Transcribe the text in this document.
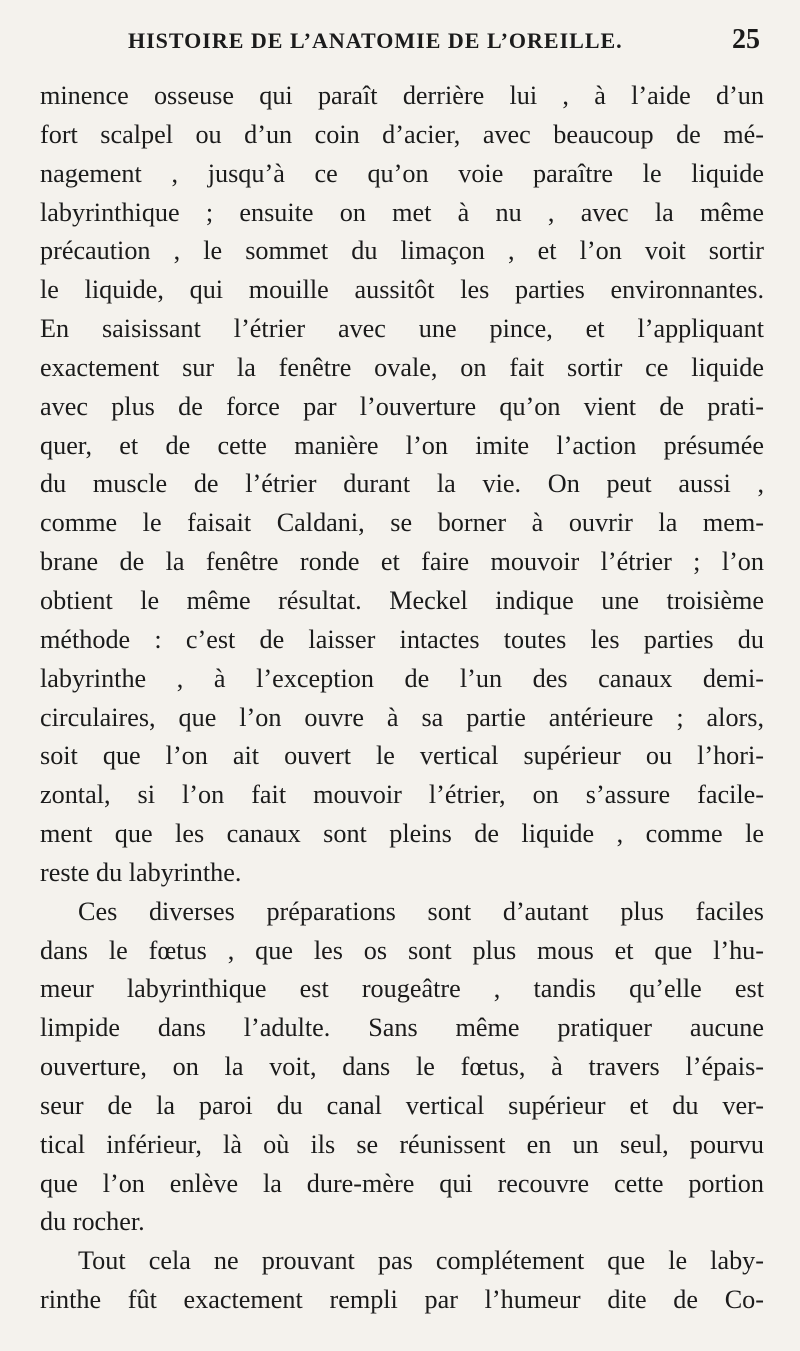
HISTOIRE DE L’ANATOMIE DE L’OREILLE.	25
minence osseuse qui paraît derrière lui , à l’aide d’un
fort scalpel ou d’un coin d’acier, avec beaucoup de mé-
nagement , jusqu’à ce qu’on voie paraître le liquide
labyrinthique ; ensuite on met à nu , avec la même
précaution , le sommet du limaçon , et l’on voit sortir
le liquide, qui mouille aussitôt les parties environnantes.
En saisissant l’étrier avec une pince, et l’appliquant
exactement sur la fenêtre ovale, on fait sortir ce liquide
avec plus de force par l’ouverture qu’on vient de prati-
quer, et de cette manière l’on imite l’action présumée
du muscle de l’étrier durant la vie. On peut aussi ,
comme le faisait Caldani, se borner à ouvrir la mem-
brane de la fenêtre ronde et faire mouvoir l’étrier ; l’on
obtient le même résultat. Meckel indique une troisième
méthode : c’est de laisser intactes toutes les parties du
labyrinthe , à l’exception de l’un des canaux demi-
circulaires, que l’on ouvre à sa partie antérieure ; alors,
soit que l’on ait ouvert le vertical supérieur ou l’hori-
zontal, si l’on fait mouvoir l’étrier, on s’assure facile-
ment que les canaux sont pleins de liquide , comme le
reste du labyrinthe.
Ces diverses préparations sont d’autant plus faciles
dans le fœtus , que les os sont plus mous et que l’hu-
meur labyrinthique est rougeâtre , tandis qu’elle est
limpide dans l’adulte. Sans même pratiquer aucune
ouverture, on la voit, dans le fœtus, à travers l’épais-
seur de la paroi du canal vertical supérieur et du ver-
tical inférieur, là où ils se réunissent en un seul, pourvu
que l’on enlève la dure-mère qui recouvre cette portion
du rocher.
Tout cela ne prouvant pas complétement que le laby-
rinthe fût exactement rempli par l’humeur dite de Co-
